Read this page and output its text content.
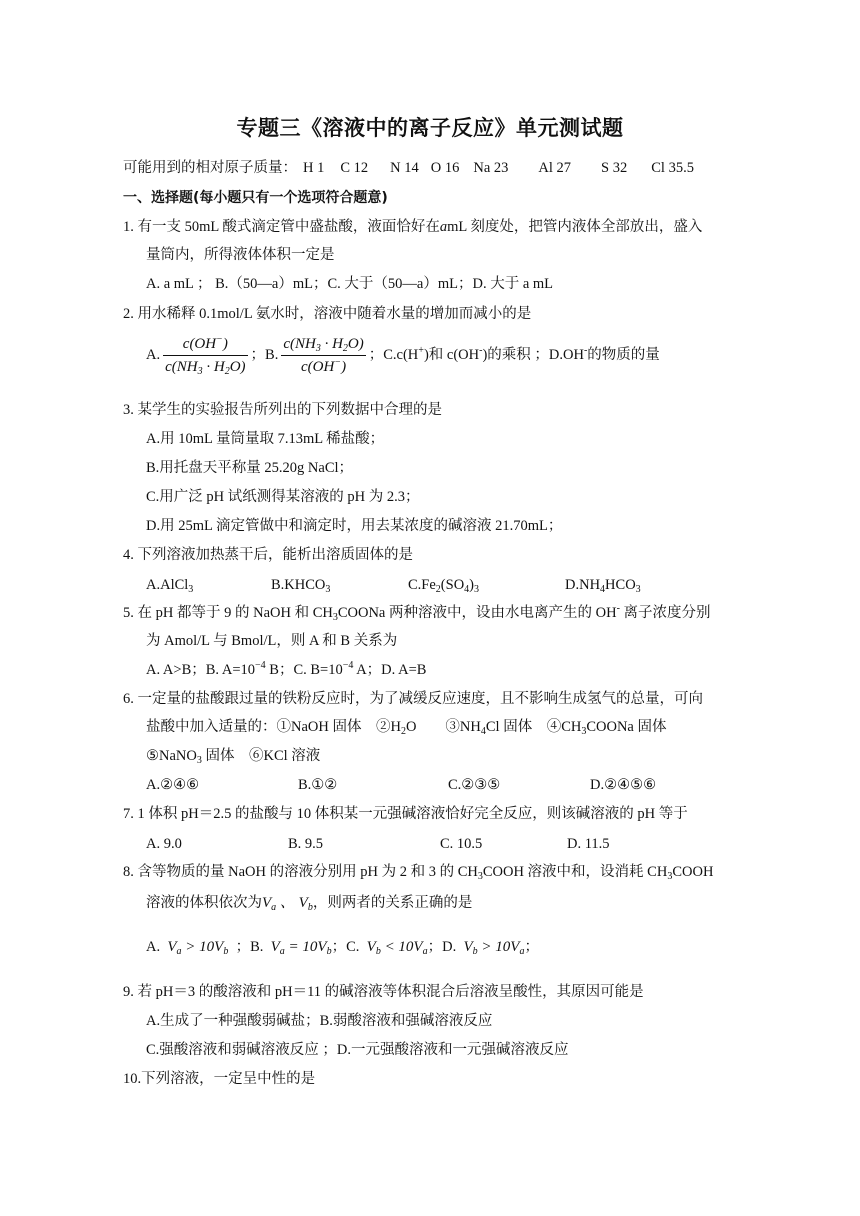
专题三《溶液中的离子反应》单元测试题
可能用到的相对原子质量： H 1 C 12 N 14 O 16 Na 23 Al 27 S 32 Cl 35.5
一、选择题(每小题只有一个选项符合题意)
1. 有一支 50mL 酸式滴定管中盛盐酸，液面恰好在amL 刻度处，把管内液体全部放出，盛入
量筒内，所得液体体积一定是
A. a mL ； B.（50—a）mL；C. 大于（50—a）mL；D. 大于 a mL
2. 用水稀释 0.1mol/L 氨水时，溶液中随着水量的增加而减小的是
A. $\frac{c(OH^-)}{c(NH_3 \cdot H_2O)}$ ；B. $\frac{c(NH_3 \cdot H_2O)}{c(OH^-)}$ ；C.c(H+)和 c(OH-)的乘积 ；D.OH-的物质的量
3. 某学生的实验报告所列出的下列数据中合理的是
A.用 10mL 量筒量取 7.13mL 稀盐酸；
B.用托盘天平称量 25.20g NaCl；
C.用广泛 pH 试纸测得某溶液的 pH 为 2.3；
D.用 25mL 滴定管做中和滴定时，用去某浓度的碱溶液 21.70mL；
4. 下列溶液加热蒸干后，能析出溶质固体的是
A.AlCl$_3$	$B.KHCO_3$	$C.Fe_2(SO_4)_3$	$D.NH_4HCO_3$
5. 在 pH 都等于 9 的 NaOH 和 $CH_3COONa$ 两种溶液中，设由水电离产生的 OH- 离子浓度分别
为 Amol/L 与 Bmol/L，则 A 和 B 关系为
A. A>B；B. $A=10^{-4}$ B；C. $B=10^{-4}$ A；D. A=B
6. 一定量的盐酸跟过量的铁粉反应时，为了减缓反应速度，且不影响生成氢气的总量，可向
盐酸中加入适量的：①NaOH 固体　$②H_2O$　　$③NH_4Cl$ 固体　$④CH_3COONa$ 固体
⑤NaNO$_3$ 固体　⑥KCl 溶液
A.②④⑥	B.①②	C.②③⑤	D.②④⑤⑥
7. 1 体积 pH＝2.5 的盐酸与 10 体积某一元强碱溶液恰好完全反应，则该碱溶液的 pH 等于
A. 9.0	B. 9.5	C. 10.5	D. 11.5
8. 含等物质的量 NaOH 的溶液分别用 pH 为 2 和 3 的 $CH_3COOH$ 溶液中和，设消耗 $CH_3COOH$
溶液的体积依次为$V_a$ 、 $V_b$，则两者的关系正确的是
A.  $V_a > 10V_b$  ；B.  $V_a = 10V_b$；C.  $V_b < 10V_a$；D.  $V_b > 10V_a$；
9. 若 pH＝3 的酸溶液和 pH＝11 的碱溶液等体积混合后溶液呈酸性，其原因可能是
A.生成了一种强酸弱碱盐；B.弱酸溶液和强碱溶液反应
C.强酸溶液和弱碱溶液反应 ；D.一元强酸溶液和一元强碱溶液反应
10.下列溶液，一定呈中性的是
